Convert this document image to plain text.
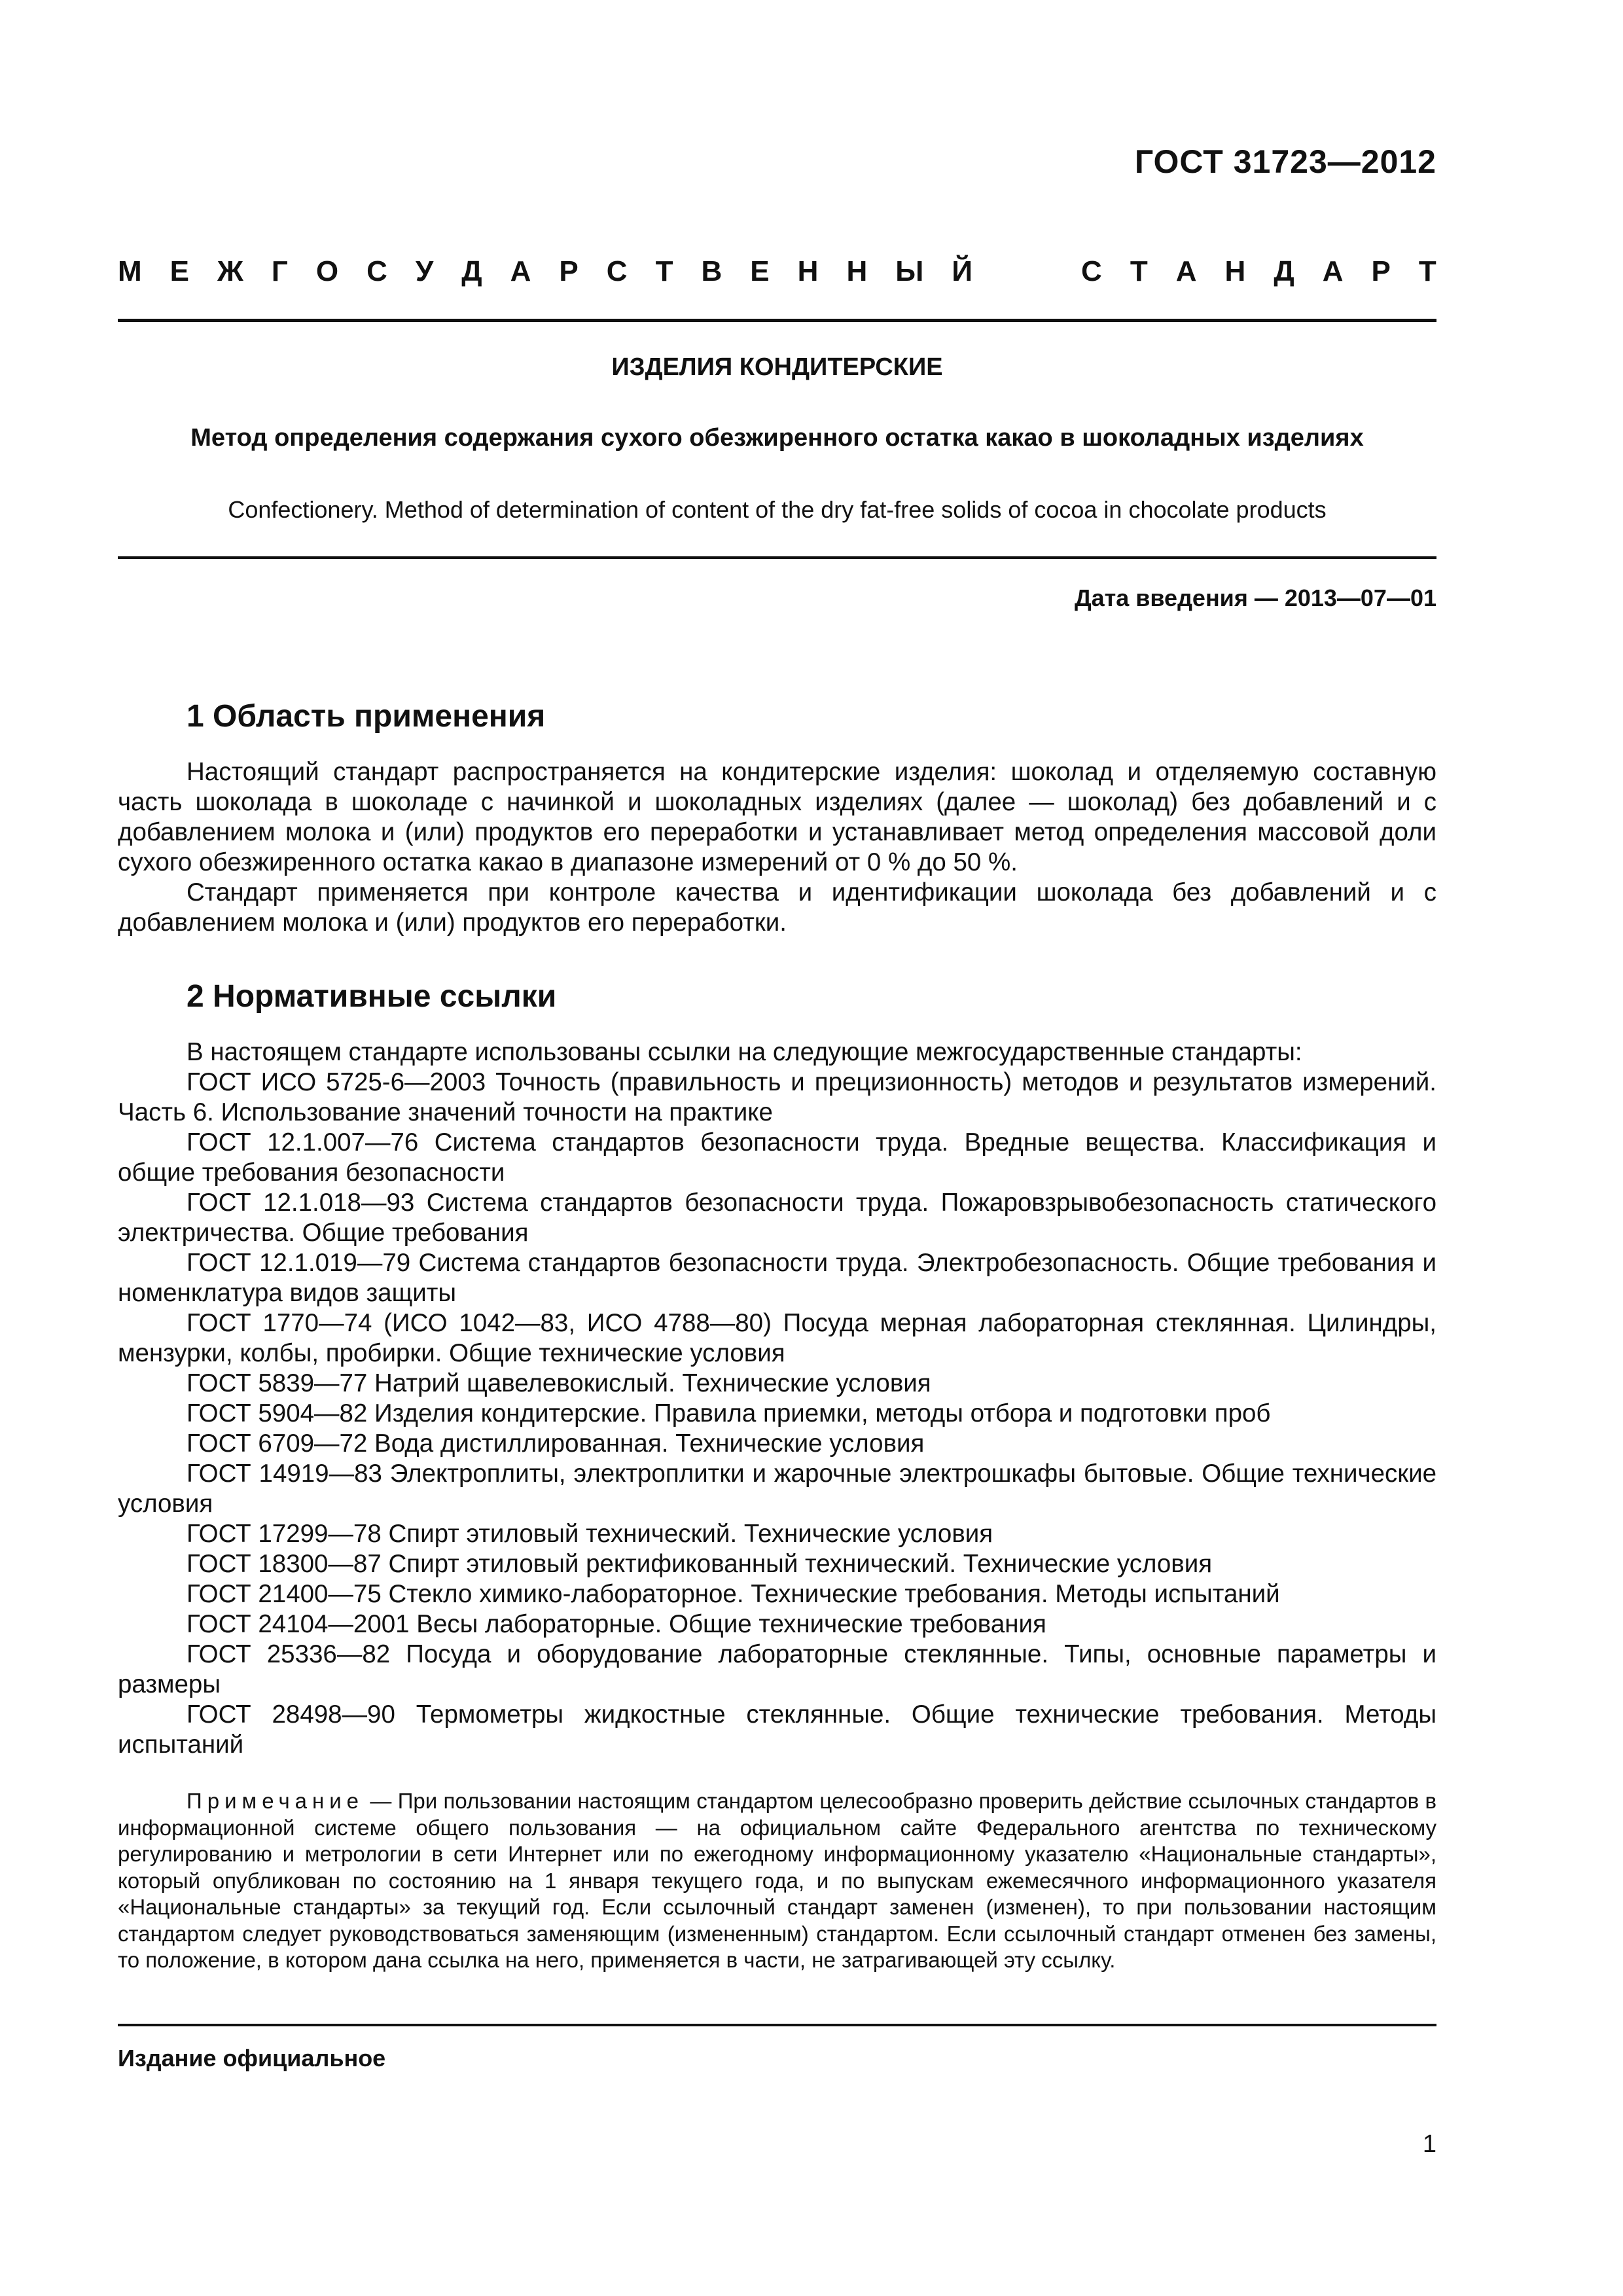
ГОСТ 31723—2012
М Е Ж Г О С У Д А Р С Т В Е Н Н Ы Й	С Т А Н Д А Р Т
ИЗДЕЛИЯ КОНДИТЕРСКИЕ
Метод определения содержания сухого обезжиренного остатка какао в шоколадных изделиях
Confectionery. Method of determination of content of the dry fat-free solids of cocoa in chocolate products
Дата введения — 2013—07—01
1 Область применения

Настоящий стандарт распространяется на кондитерские изделия: шоколад и отделяемую составную часть шоколада в шоколаде с начинкой и шоколадных изделиях (далее — шоколад) без добавлений и с добавлением молока и (или) продуктов его переработки и устанавливает метод определения массовой доли сухого обезжиренного остатка какао в диапазоне измерений от 0 % до 50 %.

Стандарт применяется при контроле качества и идентификации шоколада без добавлений и с добавлением молока и (или) продуктов его переработки.

2 Нормативные ссылки

В настоящем стандарте использованы ссылки на следующие межгосударственные стандарты:

ГОСТ ИСО 5725-6—2003 Точность (правильность и прецизионность) методов и результатов измерений. Часть 6. Использование значений точности на практике

ГОСТ 12.1.007—76 Система стандартов безопасности труда. Вредные вещества. Классификация и общие требования безопасности

ГОСТ 12.1.018—93 Система стандартов безопасности труда. Пожаровзрывобезопасность статического электричества. Общие требования

ГОСТ 12.1.019—79 Система стандартов безопасности труда. Электробезопасность. Общие требования и номенклатура видов защиты

ГОСТ 1770—74 (ИСО 1042—83, ИСО 4788—80) Посуда мерная лабораторная стеклянная. Цилиндры, мензурки, колбы, пробирки. Общие технические условия

ГОСТ 5839—77 Натрий щавелевокислый. Технические условия

ГОСТ 5904—82 Изделия кондитерские. Правила приемки, методы отбора и подготовки проб

ГОСТ 6709—72 Вода дистиллированная. Технические условия

ГОСТ 14919—83 Электроплиты, электроплитки и жарочные электрошкафы бытовые. Общие технические условия

ГОСТ 17299—78 Спирт этиловый технический. Технические условия

ГОСТ 18300—87 Спирт этиловый ректификованный технический. Технические условия

ГОСТ 21400—75 Стекло химико-лабораторное. Технические требования. Методы испытаний

ГОСТ 24104—2001 Весы лабораторные. Общие технические требования

ГОСТ 25336—82 Посуда и оборудование лабораторные стеклянные. Типы, основные параметры и размеры

ГОСТ 28498—90 Термометры жидкостные стеклянные. Общие технические требования. Методы испытаний

Примечание — При пользовании настоящим стандартом целесообразно проверить действие ссылочных стандартов в информационной системе общего пользования — на официальном сайте Федерального агентства по техническому регулированию и метрологии в сети Интернет или по ежегодному информационному указателю «Национальные стандарты», который опубликован по состоянию на 1 января текущего года, и по выпускам ежемесячного информационного указателя «Национальные стандарты» за текущий год. Если ссылочный стандарт заменен (изменен), то при пользовании настоящим стандартом следует руководствоваться заменяющим (измененным) стандартом. Если ссылочный стандарт отменен без замены, то положение, в котором дана ссылка на него, применяется в части, не затрагивающей эту ссылку.
Издание официальное
1
